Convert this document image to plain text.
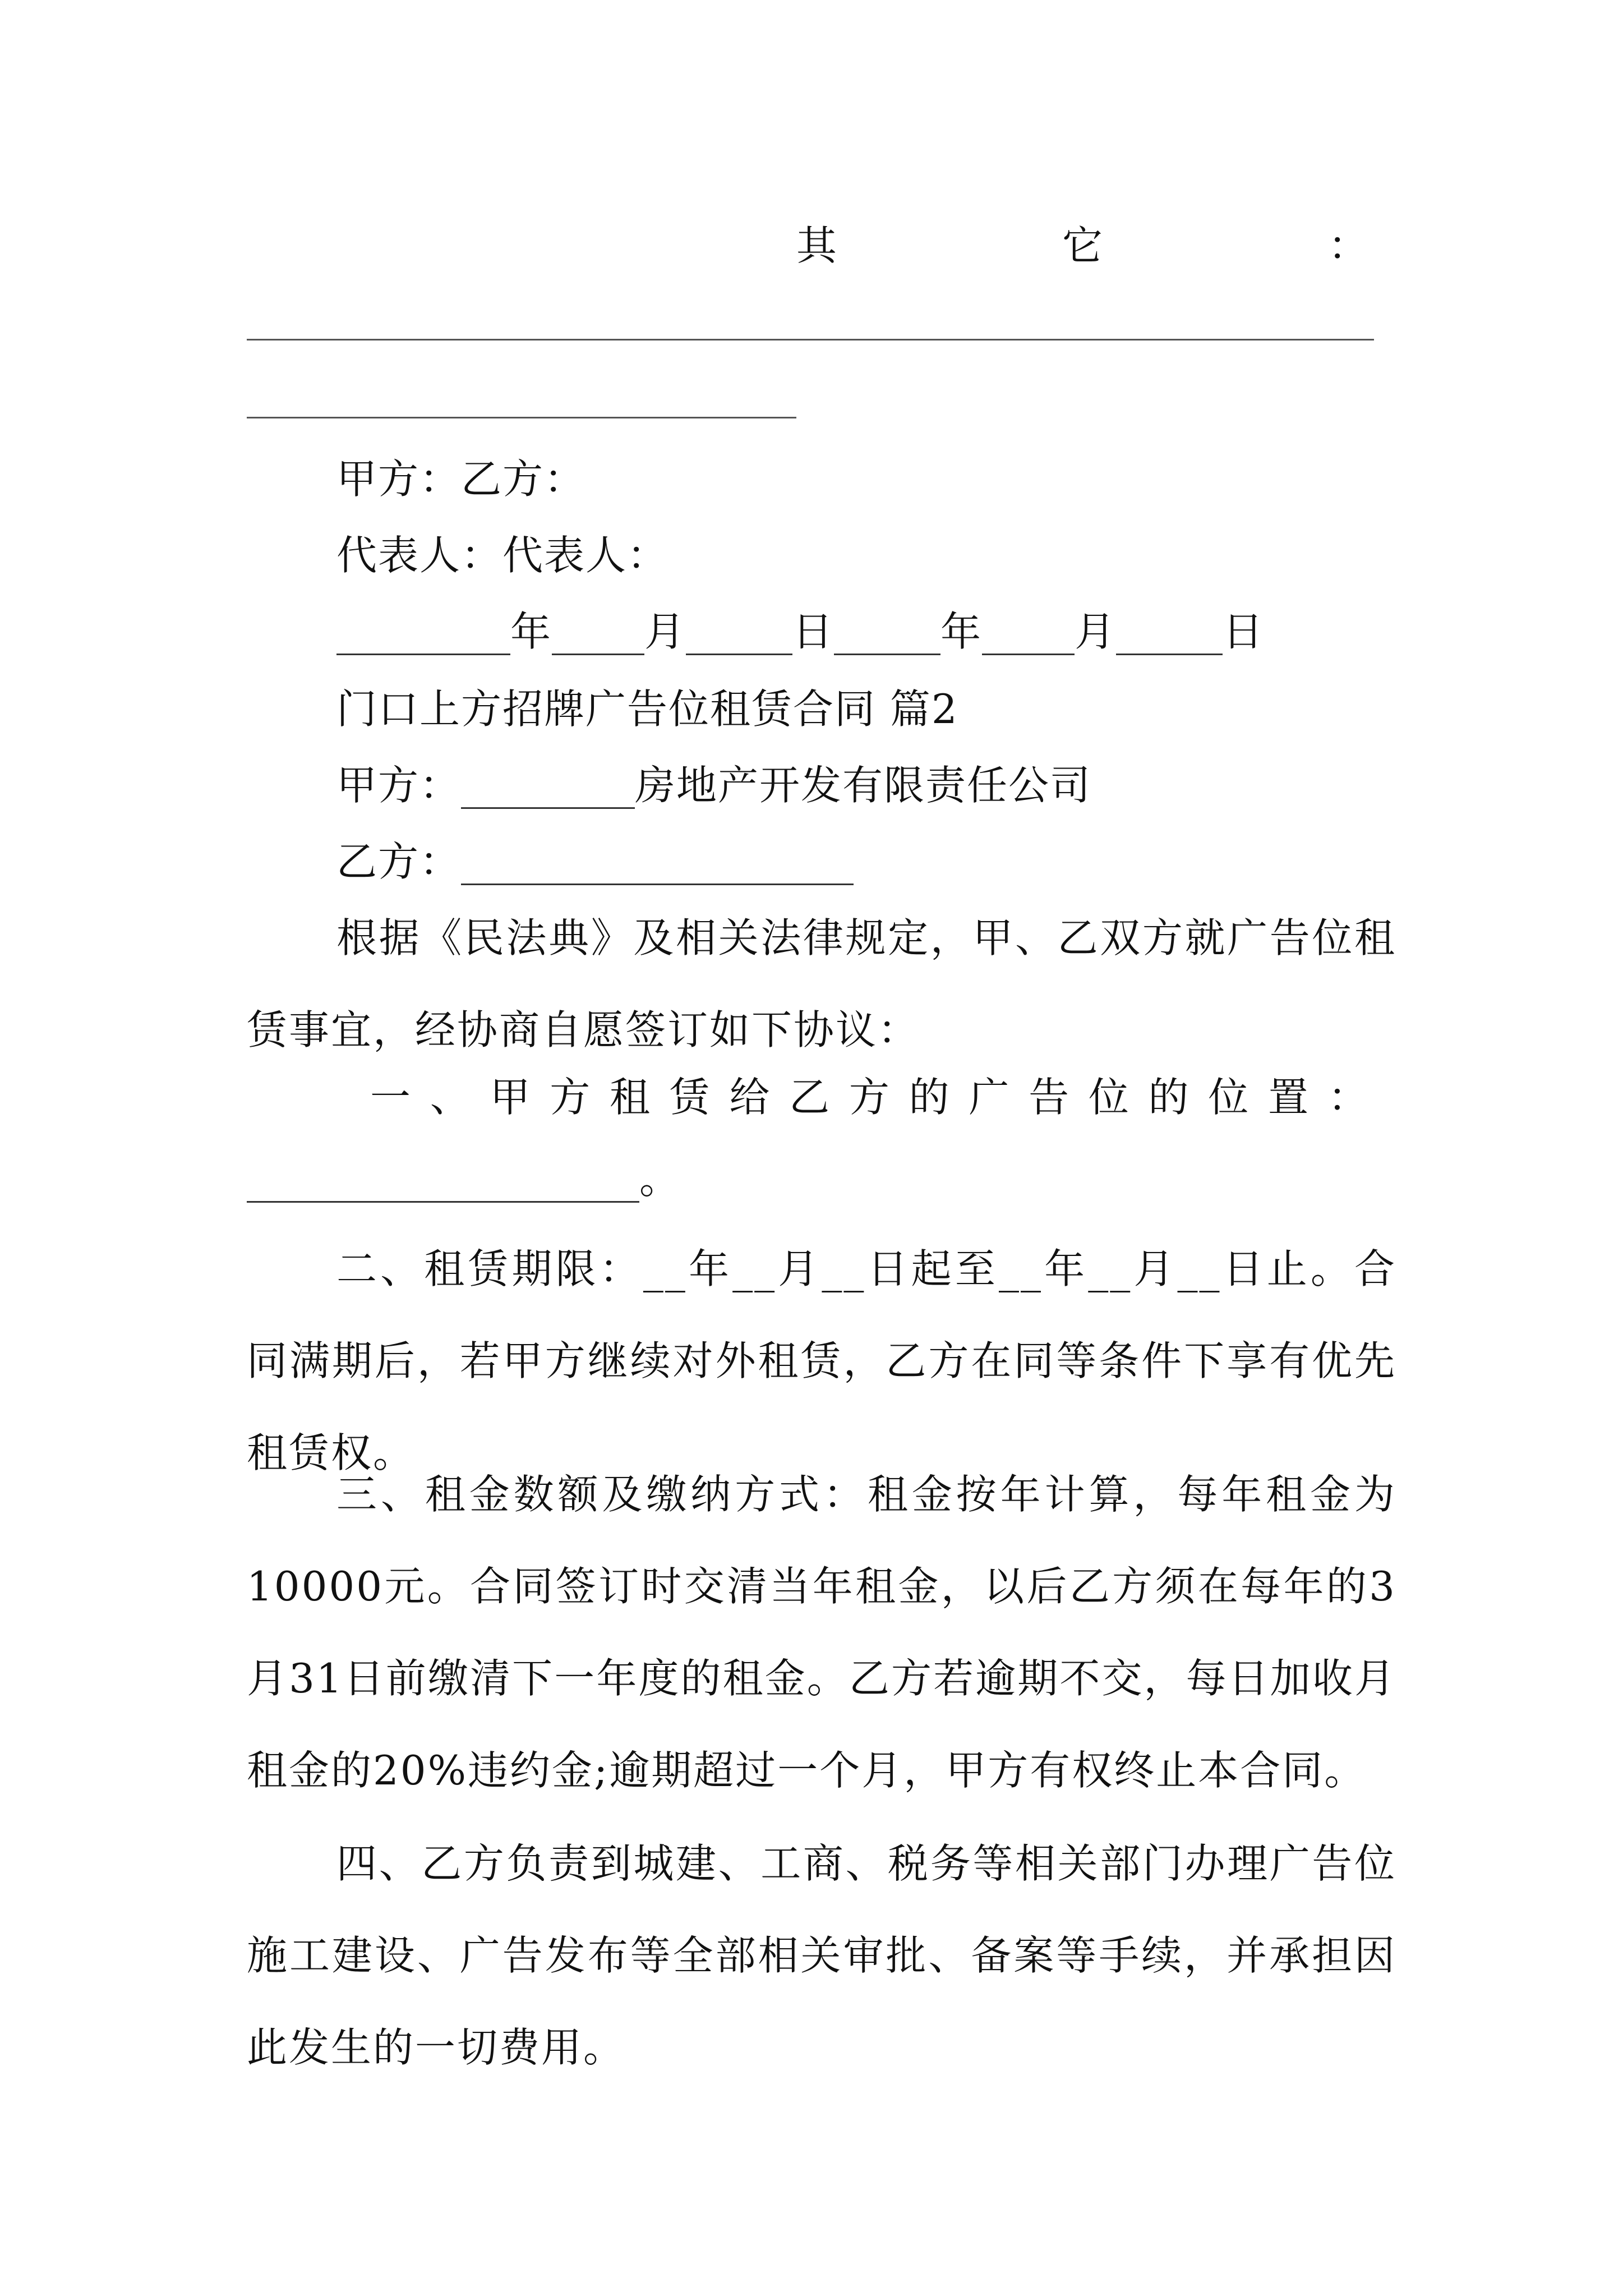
其	它	：
甲方：乙方：
代表人：代表人：
年 月	日	年 月	日
门口上方招牌广告位租赁合同 篇2
甲方：	房地产开发有限责任公司
乙方：
根据《民法典》及相关法律规定，甲、乙双方就广告位租赁事宜，经协商自愿签订如下协议：
一 、 甲 方 租 赁 给 乙 方 的 广 告 位 的 位 置 ：
。
二、租赁期限：__年__月__日起至__年__月__日止。合同满期后，若甲方继续对外租赁，乙方在同等条件下享有优先租赁权。
三、租金数额及缴纳方式：租金按年计算，每年租金为10000元。合同签订时交清当年租金，以后乙方须在每年的3月31日前缴清下一年度的租金。乙方若逾期不交，每日加收月租金的20%违约金;逾期超过一个月，甲方有权终止本合同。
四、乙方负责到城建、工商、税务等相关部门办理广告位施工建设、广告发布等全部相关审批、备案等手续，并承担因此发生的一切费用。
